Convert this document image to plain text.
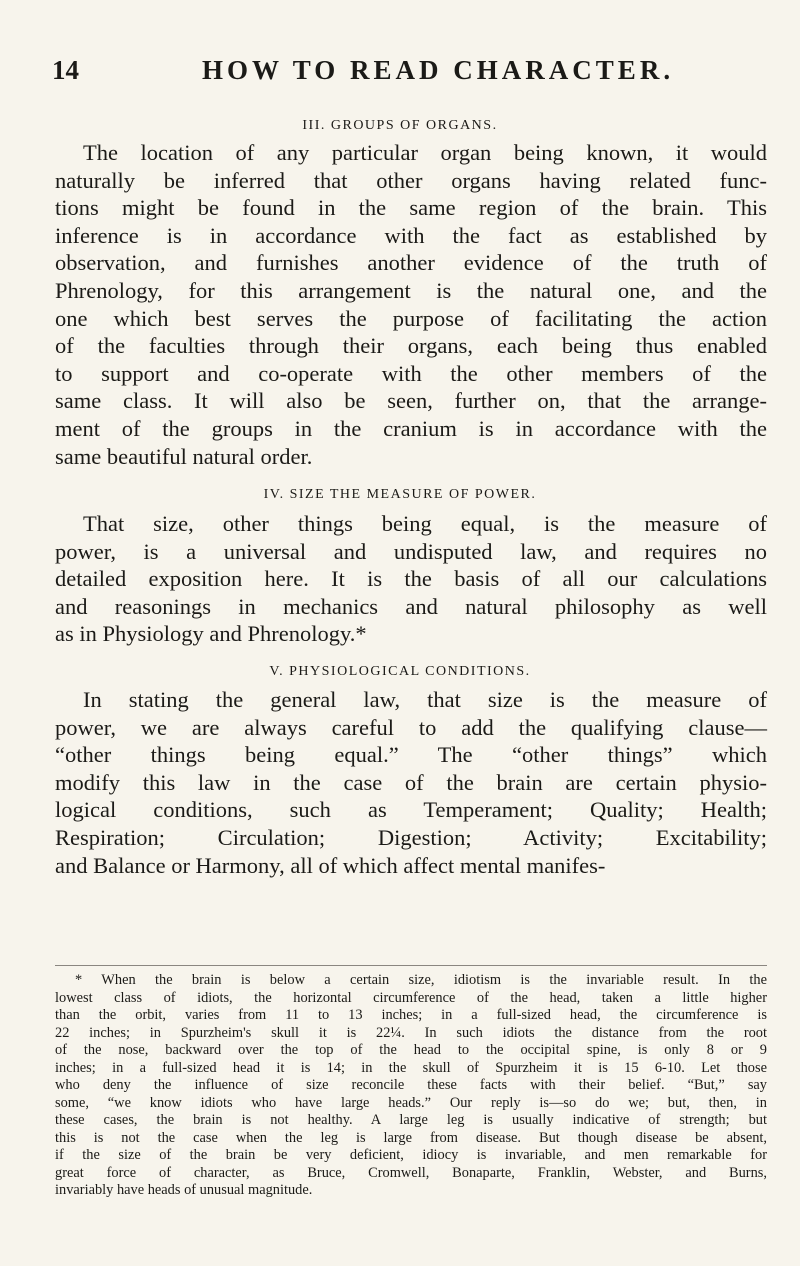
14	HOW TO READ CHARACTER.
III. GROUPS OF ORGANS.
The location of any particular organ being known, it would
naturally be inferred that other organs having related func-
tions might be found in the same region of the brain. This
inference is in accordance with the fact as established by
observation, and furnishes another evidence of the truth of
Phrenology, for this arrangement is the natural one, and the
one which best serves the purpose of facilitating the action
of the faculties through their organs, each being thus enabled
to support and co-operate with the other members of the
same class. It will also be seen, further on, that the arrange-
ment of the groups in the cranium is in accordance with the
same beautiful natural order.
IV. SIZE THE MEASURE OF POWER.
That size, other things being equal, is the measure of
power, is a universal and undisputed law, and requires no
detailed exposition here. It is the basis of all our calculations
and reasonings in mechanics and natural philosophy as well
as in Physiology and Phrenology.*
V. PHYSIOLOGICAL CONDITIONS.
In stating the general law, that size is the measure of
power, we are always careful to add the qualifying clause—
“other things being equal.” The “other things” which
modify this law in the case of the brain are certain physio-
logical conditions, such as Temperament; Quality; Health;
Respiration; Circulation; Digestion; Activity; Excitability;
and Balance or Harmony, all of which affect mental manifes-
* When the brain is below a certain size, idiotism is the invariable result. In the
lowest class of idiots, the horizontal circumference of the head, taken a little higher
than the orbit, varies from 11 to 13 inches; in a full-sized head, the circumference is
22 inches; in Spurzheim's skull it is 22¼. In such idiots the distance from the root
of the nose, backward over the top of the head to the occipital spine, is only 8 or 9
inches; in a full-sized head it is 14; in the skull of Spurzheim it is 15 6-10. Let those
who deny the influence of size reconcile these facts with their belief. “But,” say
some, “we know idiots who have large heads.” Our reply is—so do we; but, then, in
these cases, the brain is not healthy. A large leg is usually indicative of strength; but
this is not the case when the leg is large from disease. But though disease be absent,
if the size of the brain be very deficient, idiocy is invariable, and men remarkable for
great force of character, as Bruce, Cromwell, Bonaparte, Franklin, Webster, and Burns,
invariably have heads of unusual magnitude.
